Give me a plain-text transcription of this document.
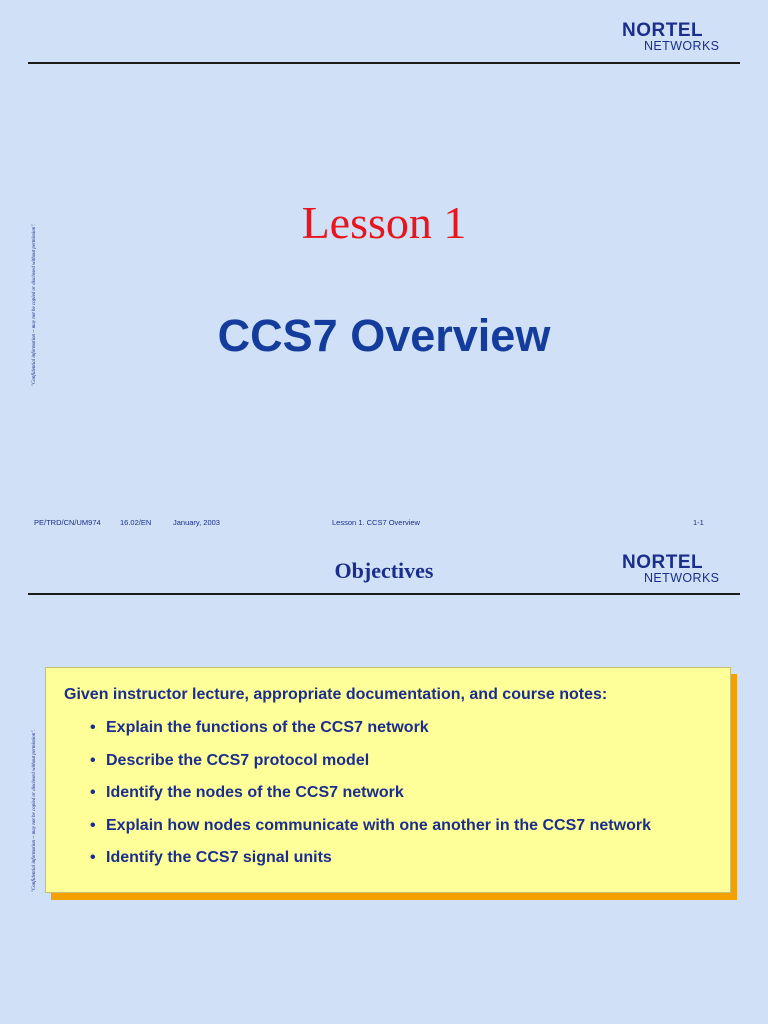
NORTEL
NETWORKS
"Confidential information -- may not be copied or disclosed without permission".
Lesson 1
CCS7 Overview
PE/TRD/CN/UM974	16.02/EN	January, 2003	Lesson 1. CCS7 Overview	1-1
NORTEL
NETWORKS
Objectives
"Confidential information -- may not be copied or disclosed without permission".
Given instructor lecture, appropriate documentation, and course notes:
• Explain the functions of the CCS7 network
• Describe the CCS7 protocol model
• Identify the nodes of the CCS7 network
• Explain how nodes communicate with one another in the CCS7 network
• Identify the CCS7 signal units
